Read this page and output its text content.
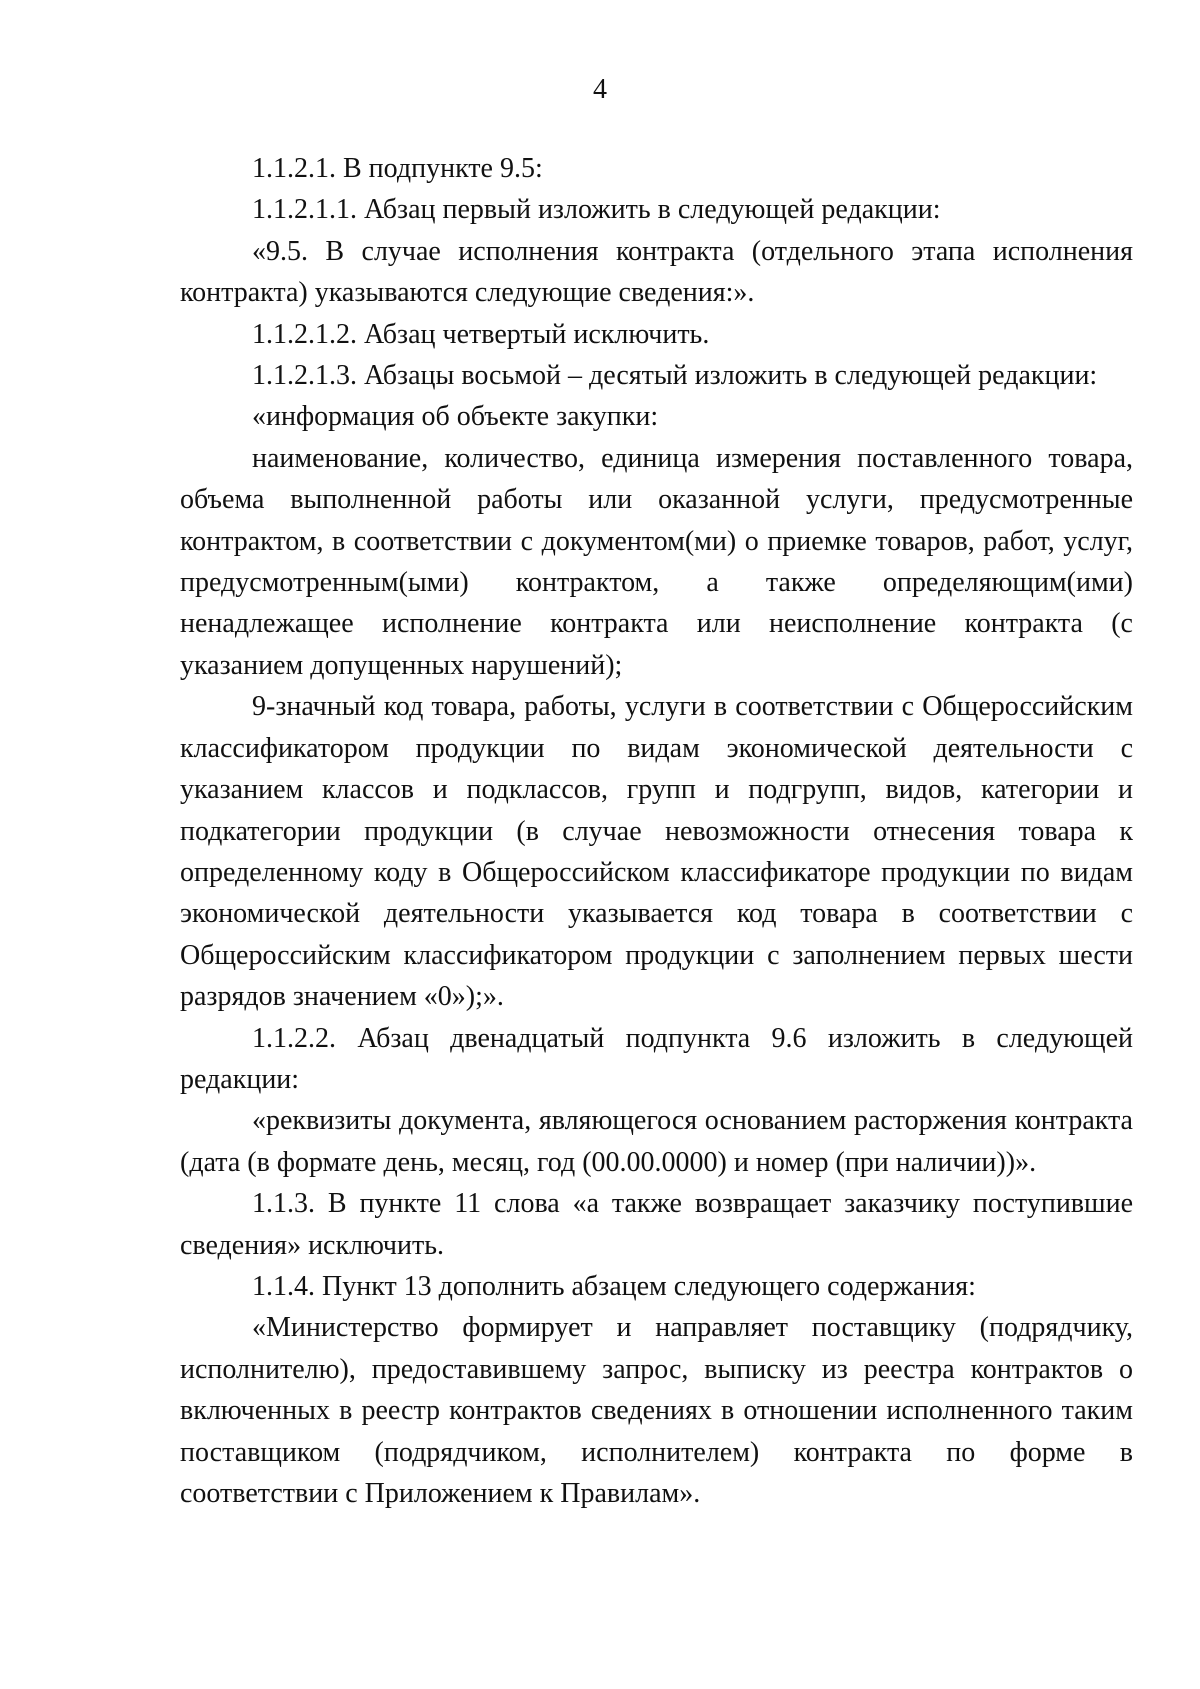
4

1.1.2.1. В подпункте 9.5:

1.1.2.1.1. Абзац первый изложить в следующей редакции:

«9.5. В случае исполнения контракта (отдельного этапа исполнения контракта) указываются следующие сведения:».

1.1.2.1.2. Абзац четвертый исключить.

1.1.2.1.3. Абзацы восьмой – десятый изложить в следующей редакции:

«информация об объекте закупки:

наименование, количество, единица измерения поставленного товара, объема выполненной работы или оказанной услуги, предусмотренные контрактом, в соответствии с документом(ми) о приемке товаров, работ, услуг, предусмотренным(ыми) контрактом, а также определяющим(ими) ненадлежащее исполнение контракта или неисполнение контракта (с указанием допущенных нарушений);

9-значный код товара, работы, услуги в соответствии с Общероссийским классификатором продукции по видам экономической деятельности с указанием классов и подклассов, групп и подгрупп, видов, категории и подкатегории продукции (в случае невозможности отнесения товара к определенному коду в Общероссийском классификаторе продукции по видам экономической деятельности указывается код товара в соответствии с Общероссийским классификатором продукции с заполнением первых шести разрядов значением «0»);».

1.1.2.2. Абзац двенадцатый подпункта 9.6 изложить в следующей редакции:

«реквизиты документа, являющегося основанием расторжения контракта (дата (в формате день, месяц, год (00.00.0000) и номер (при наличии))».

1.1.3. В пункте 11 слова «а также возвращает заказчику поступившие сведения» исключить.

1.1.4. Пункт 13 дополнить абзацем следующего содержания:

«Министерство формирует и направляет поставщику (подрядчику, исполнителю), предоставившему запрос, выписку из реестра контрактов о включенных в реестр контрактов сведениях в отношении исполненного таким поставщиком (подрядчиком, исполнителем) контракта по форме в соответствии с Приложением к Правилам».
